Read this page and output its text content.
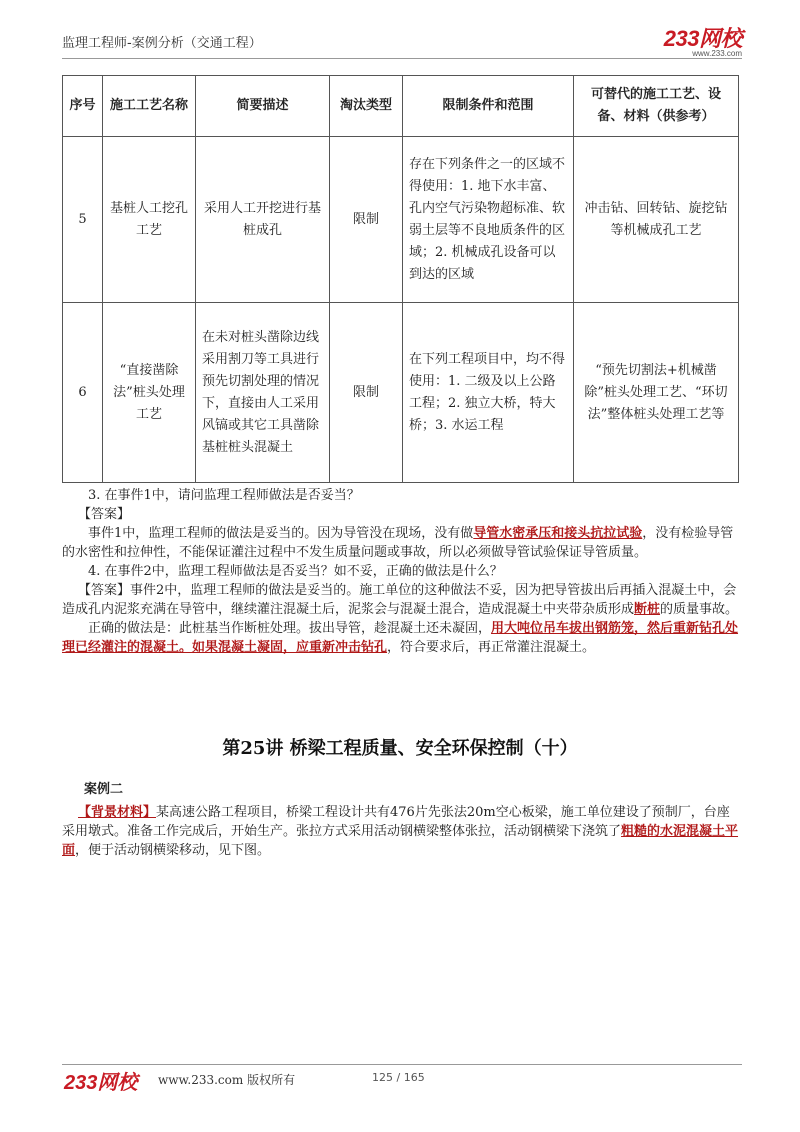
监理工程师-案例分析（交通工程）	233网校
www.233.com
序号	施工工艺名称	简要描述	淘汰类型	限制条件和范围	可替代的施工工艺、设备、材料（供参考）
5	基桩人工挖孔工艺	采用人工开挖进行基桩成孔	限制	存在下列条件之一的区域不得使用：1. 地下水丰富、孔内空气污染物超标准、软弱土层等不良地质条件的区域；2. 机械成孔设备可以到达的区域	冲击钻、回转钻、旋挖钻等机械成孔工艺
6	“直接凿除法”桩头处理工艺	在未对桩头凿除边线采用割刀等工具进行预先切割处理的情况下，直接由人工采用风镐或其它工具凿除基桩桩头混凝土	限制	在下列工程项目中，均不得使用：1. 二级及以上公路工程；2. 独立大桥，特大桥；3. 水运工程	“预先切割法+机械凿除”桩头处理工艺、“环切法”整体桩头处理工艺等

3. 在事件1中，请问监理工程师做法是否妥当？

【答案】

事件1中，监理工程师的做法是妥当的。因为导管没在现场，没有做导管水密承压和接头抗拉试验，没有检验导管的水密性和拉伸性，不能保证灌注过程中不发生质量问题或事故，所以必须做导管试验保证导管质量。

4. 在事件2中，监理工程师做法是否妥当？如不妥，正确的做法是什么？

【答案】事件2中，监理工程师的做法是妥当的。施工单位的这种做法不妥，因为把导管拔出后再插入混凝土中，会造成孔内泥浆充满在导管中，继续灌注混凝土后，泥浆会与混凝土混合，造成混凝土中夹带杂质形成断桩的质量事故。

正确的做法是：此桩基当作断桩处理。拔出导管，趁混凝土还未凝固，用大吨位吊车拔出钢筋笼，然后重新钻孔处理已经灌注的混凝土。如果混凝土凝固，应重新冲击钻孔，符合要求后，再正常灌注混凝土。

第25讲 桥梁工程质量、安全环保控制（十）

案例二

【背景材料】某高速公路工程项目，桥梁工程设计共有476片先张法20m空心板梁，施工单位建设了预制厂，台座采用墩式。准备工作完成后，开始生产。张拉方式采用活动钢横梁整体张拉，活动钢横梁下浇筑了粗糙的水泥混凝土平面，便于活动钢横梁移动，见下图。

233网校 www.233.com 版权所有	125 / 165
